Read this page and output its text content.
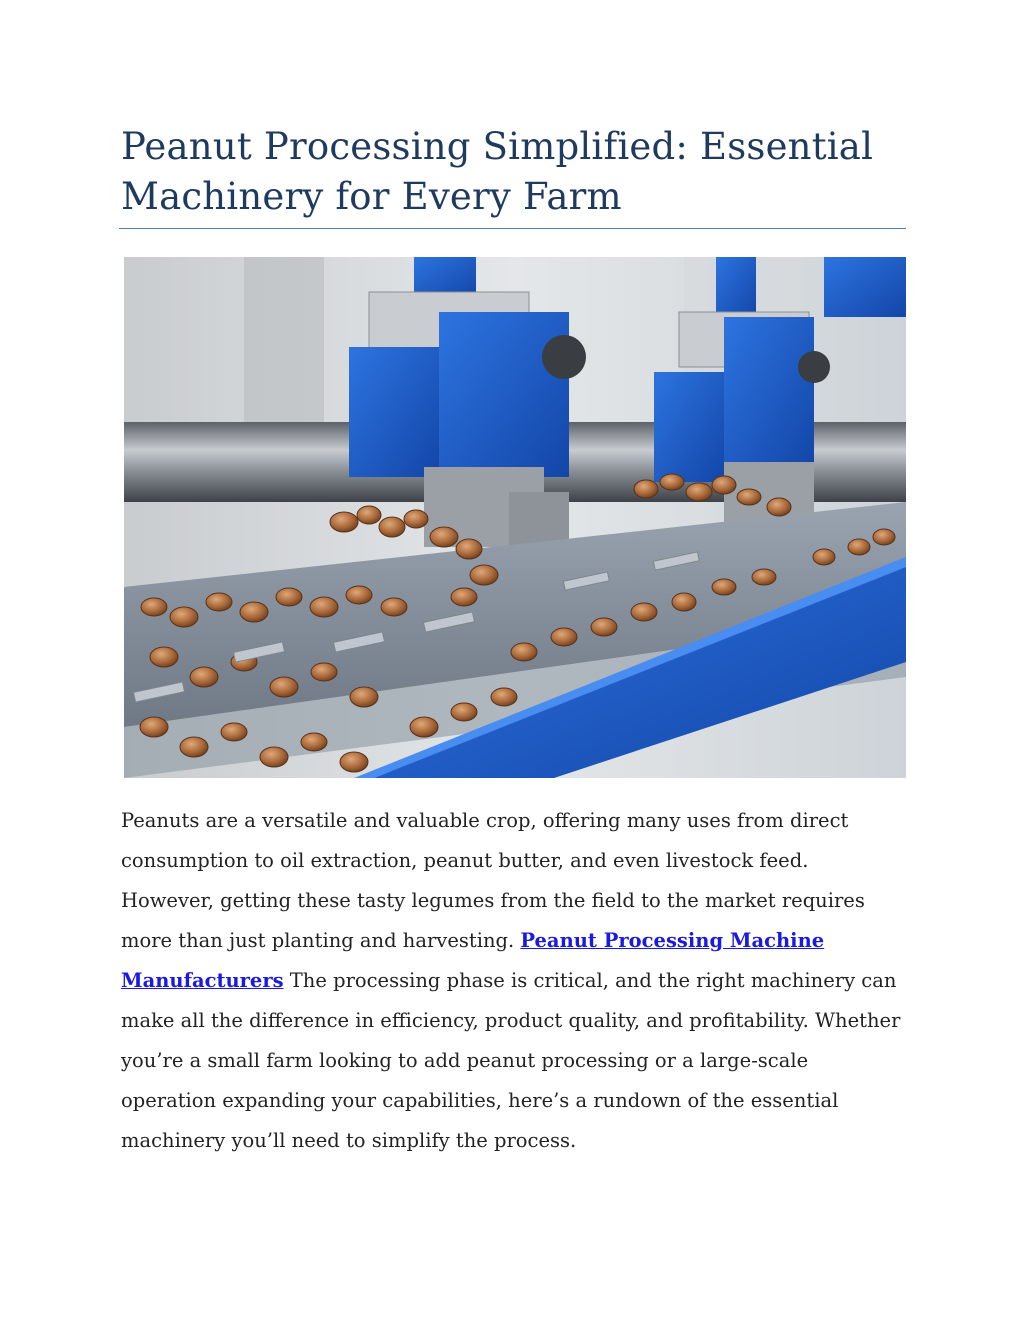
Peanut Processing Simplified: Essential Machinery for Every Farm

Peanuts are a versatile and valuable crop, offering many uses from direct consumption to oil extraction, peanut butter, and even livestock feed. However, getting these tasty legumes from the field to the market requires more than just planting and harvesting. Peanut Processing Machine Manufacturers The processing phase is critical, and the right machinery can make all the difference in efficiency, product quality, and profitability. Whether you’re a small farm looking to add peanut processing or a large-scale operation expanding your capabilities, here’s a rundown of the essential machinery you’ll need to simplify the process.
